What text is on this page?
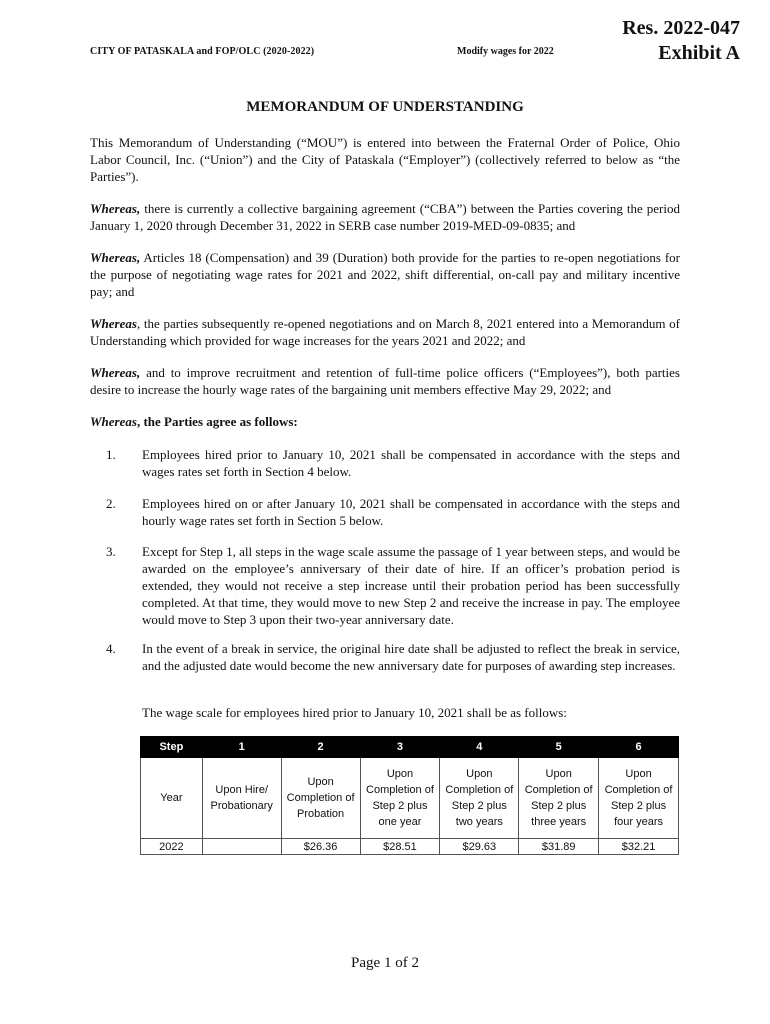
CITY OF PATASKALA and FOP/OLC (2020-2022)	Modify wages for 2022
Res. 2022-047
Exhibit A
MEMORANDUM OF UNDERSTANDING

This Memorandum of Understanding (“MOU”) is entered into between the Fraternal Order of Police, Ohio Labor Council, Inc. (“Union”) and the City of Pataskala (“Employer”) (collectively referred to below as “the Parties”).

Whereas, there is currently a collective bargaining agreement (“CBA”) between the Parties covering the period January 1, 2020 through December 31, 2022 in SERB case number 2019-MED-09-0835; and

Whereas, Articles 18 (Compensation) and 39 (Duration) both provide for the parties to re-open negotiations for the purpose of negotiating wage rates for 2021 and 2022, shift differential, on-call pay and military incentive pay; and

Whereas, the parties subsequently re-opened negotiations and on March 8, 2021 entered into a Memorandum of Understanding which provided for wage increases for the years 2021 and 2022; and

Whereas, and to improve recruitment and retention of full-time police officers (“Employees”), both parties desire to increase the hourly wage rates of the bargaining unit members effective May 29, 2022; and

Whereas, the Parties agree as follows:

1. Employees hired prior to January 10, 2021 shall be compensated in accordance with the steps and wages rates set forth in Section 4 below.
2. Employees hired on or after January 10, 2021 shall be compensated in accordance with the steps and hourly wage rates set forth in Section 5 below.
3. Except for Step 1, all steps in the wage scale assume the passage of 1 year between steps, and would be awarded on the employee’s anniversary of their date of hire. If an officer’s probation period is extended, they would not receive a step increase until their probation period has been successfully completed. At that time, they would move to new Step 2 and receive the increase in pay. The employee would move to Step 3 upon their two-year anniversary date.
4. In the event of a break in service, the original hire date shall be adjusted to reflect the break in service, and the adjusted date would become the new anniversary date for purposes of awarding step increases.
The wage scale for employees hired prior to January 10, 2021 shall be as follows:
Step	1	2	3	4	5	6
Year	Upon Hire/ Probationary	Upon Completion of Probation	Upon Completion of Step 2 plus one year	Upon Completion of Step 2 plus two years	Upon Completion of Step 2 plus three years	Upon Completion of Step 2 plus four years
2022		$26.36	$28.51	$29.63	$31.89	$32.21
Page 1 of 2
